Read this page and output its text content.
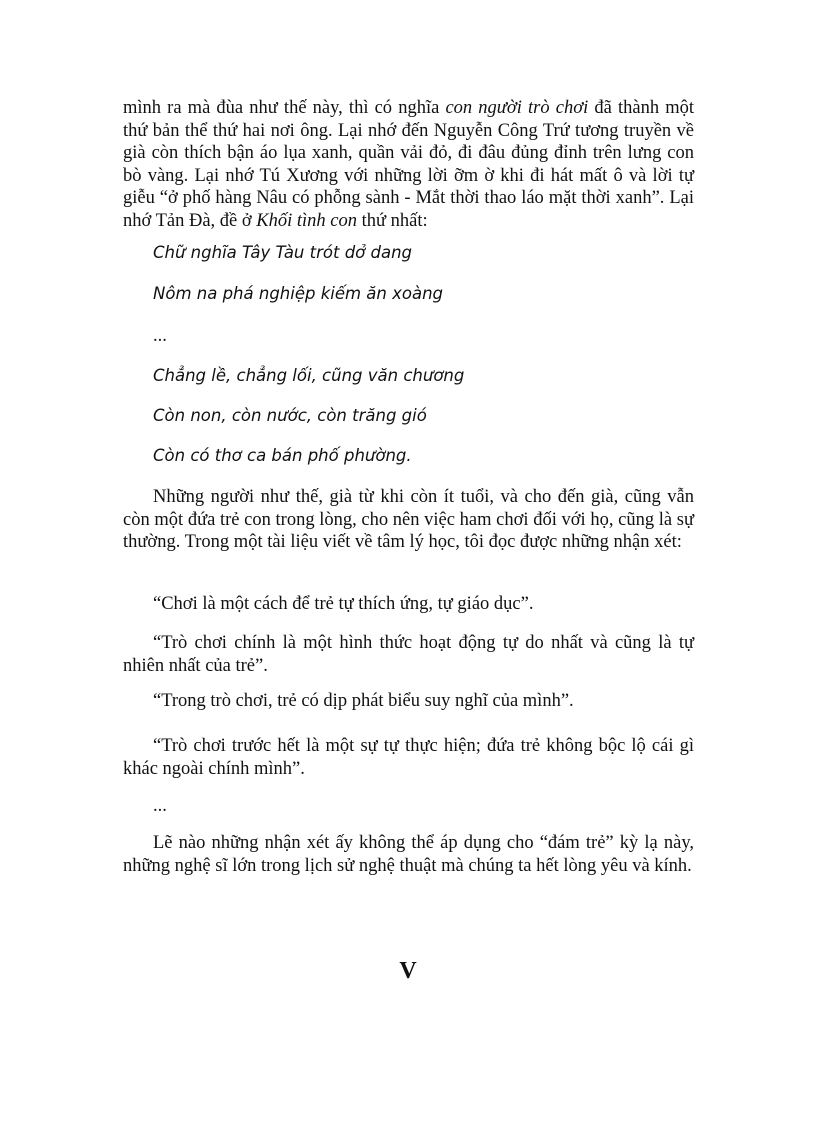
mình ra mà đùa như thế này, thì có nghĩa con người trò chơi đã thành một thứ bản thể thứ hai nơi ông. Lại nhớ đến Nguyễn Công Trứ tương truyền về già còn thích bận áo lụa xanh, quần vải đỏ, đi đâu đủng đỉnh trên lưng con bò vàng. Lại nhớ Tú Xương với những lời ỡm ờ khi đi hát mất ô và lời tự giễu “ở phố hàng Nâu có phỗng sành - Mắt thời thao láo mặt thời xanh”. Lại nhớ Tản Đà, đề ở Khối tình con thứ nhất:

Chữ nghĩa Tây Tàu trót dở dang

Nôm na phá nghiệp kiếm ăn xoàng

...

Chẳng lề, chẳng lối, cũng văn chương

Còn non, còn nước, còn trăng gió

Còn có thơ ca bán phố phường.

Những người như thế, già từ khi còn ít tuổi, và cho đến già, cũng vẫn còn một đứa trẻ con trong lòng, cho nên việc ham chơi đối với họ, cũng là sự thường. Trong một tài liệu viết về tâm lý học, tôi đọc được những nhận xét:

“Chơi là một cách để trẻ tự thích ứng, tự giáo dục”.

“Trò chơi chính là một hình thức hoạt động tự do nhất và cũng là tự nhiên nhất của trẻ”.

“Trong trò chơi, trẻ có dịp phát biểu suy nghĩ của mình”.

“Trò chơi trước hết là một sự tự thực hiện; đứa trẻ không bộc lộ cái gì khác ngoài chính mình”.

...

Lẽ nào những nhận xét ấy không thể áp dụng cho “đám trẻ” kỳ lạ này, những nghệ sĩ lớn trong lịch sử nghệ thuật mà chúng ta hết lòng yêu và kính.

V
